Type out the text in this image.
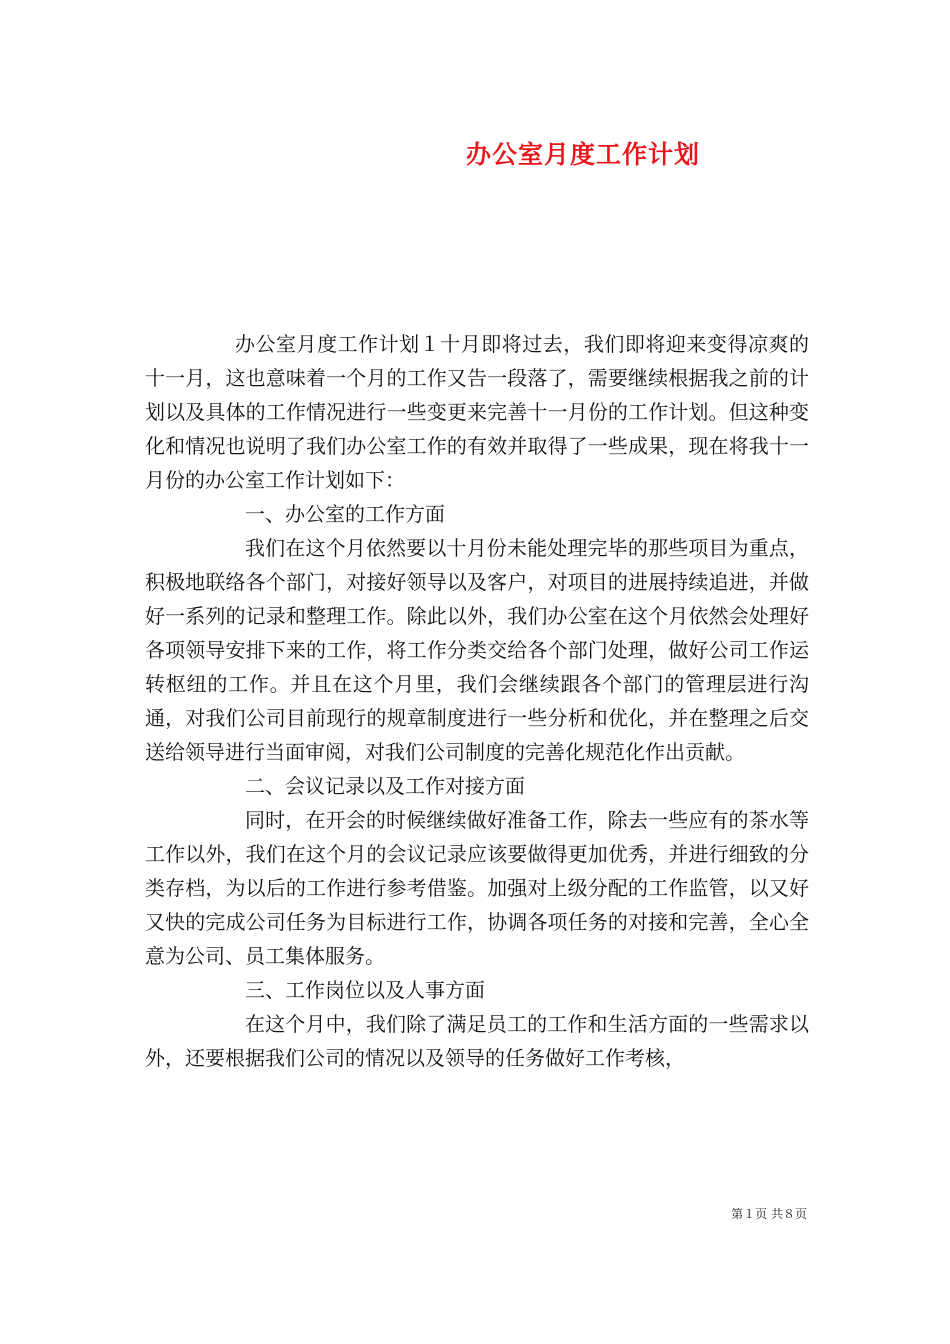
办公室月度工作计划

办公室月度工作计划１十月即将过去，我们即将迎来变得凉爽的十一月，这也意味着一个月的工作又告一段落了，需要继续根据我之前的计划以及具体的工作情况进行一些变更来完善十一月份的工作计划。但这种变化和情况也说明了我们办公室工作的有效并取得了一些成果，现在将我十一月份的办公室工作计划如下：

一、办公室的工作方面

我们在这个月依然要以十月份未能处理完毕的那些项目为重点，积极地联络各个部门，对接好领导以及客户，对项目的进展持续追进，并做好一系列的记录和整理工作。除此以外，我们办公室在这个月依然会处理好各项领导安排下来的工作，将工作分类交给各个部门处理，做好公司工作运转枢纽的工作。并且在这个月里，我们会继续跟各个部门的管理层进行沟通，对我们公司目前现行的规章制度进行一些分析和优化，并在整理之后交送给领导进行当面审阅，对我们公司制度的完善化规范化作出贡献。

二、会议记录以及工作对接方面

同时，在开会的时候继续做好准备工作，除去一些应有的茶水等工作以外，我们在这个月的会议记录应该要做得更加优秀，并进行细致的分类存档，为以后的工作进行参考借鉴。加强对上级分配的工作监管，以又好又快的完成公司任务为目标进行工作，协调各项任务的对接和完善，全心全意为公司、员工集体服务。

三、工作岗位以及人事方面

在这个月中，我们除了满足员工的工作和生活方面的一些需求以外，还要根据我们公司的情况以及领导的任务做好工作考核，

第１页 共８页
